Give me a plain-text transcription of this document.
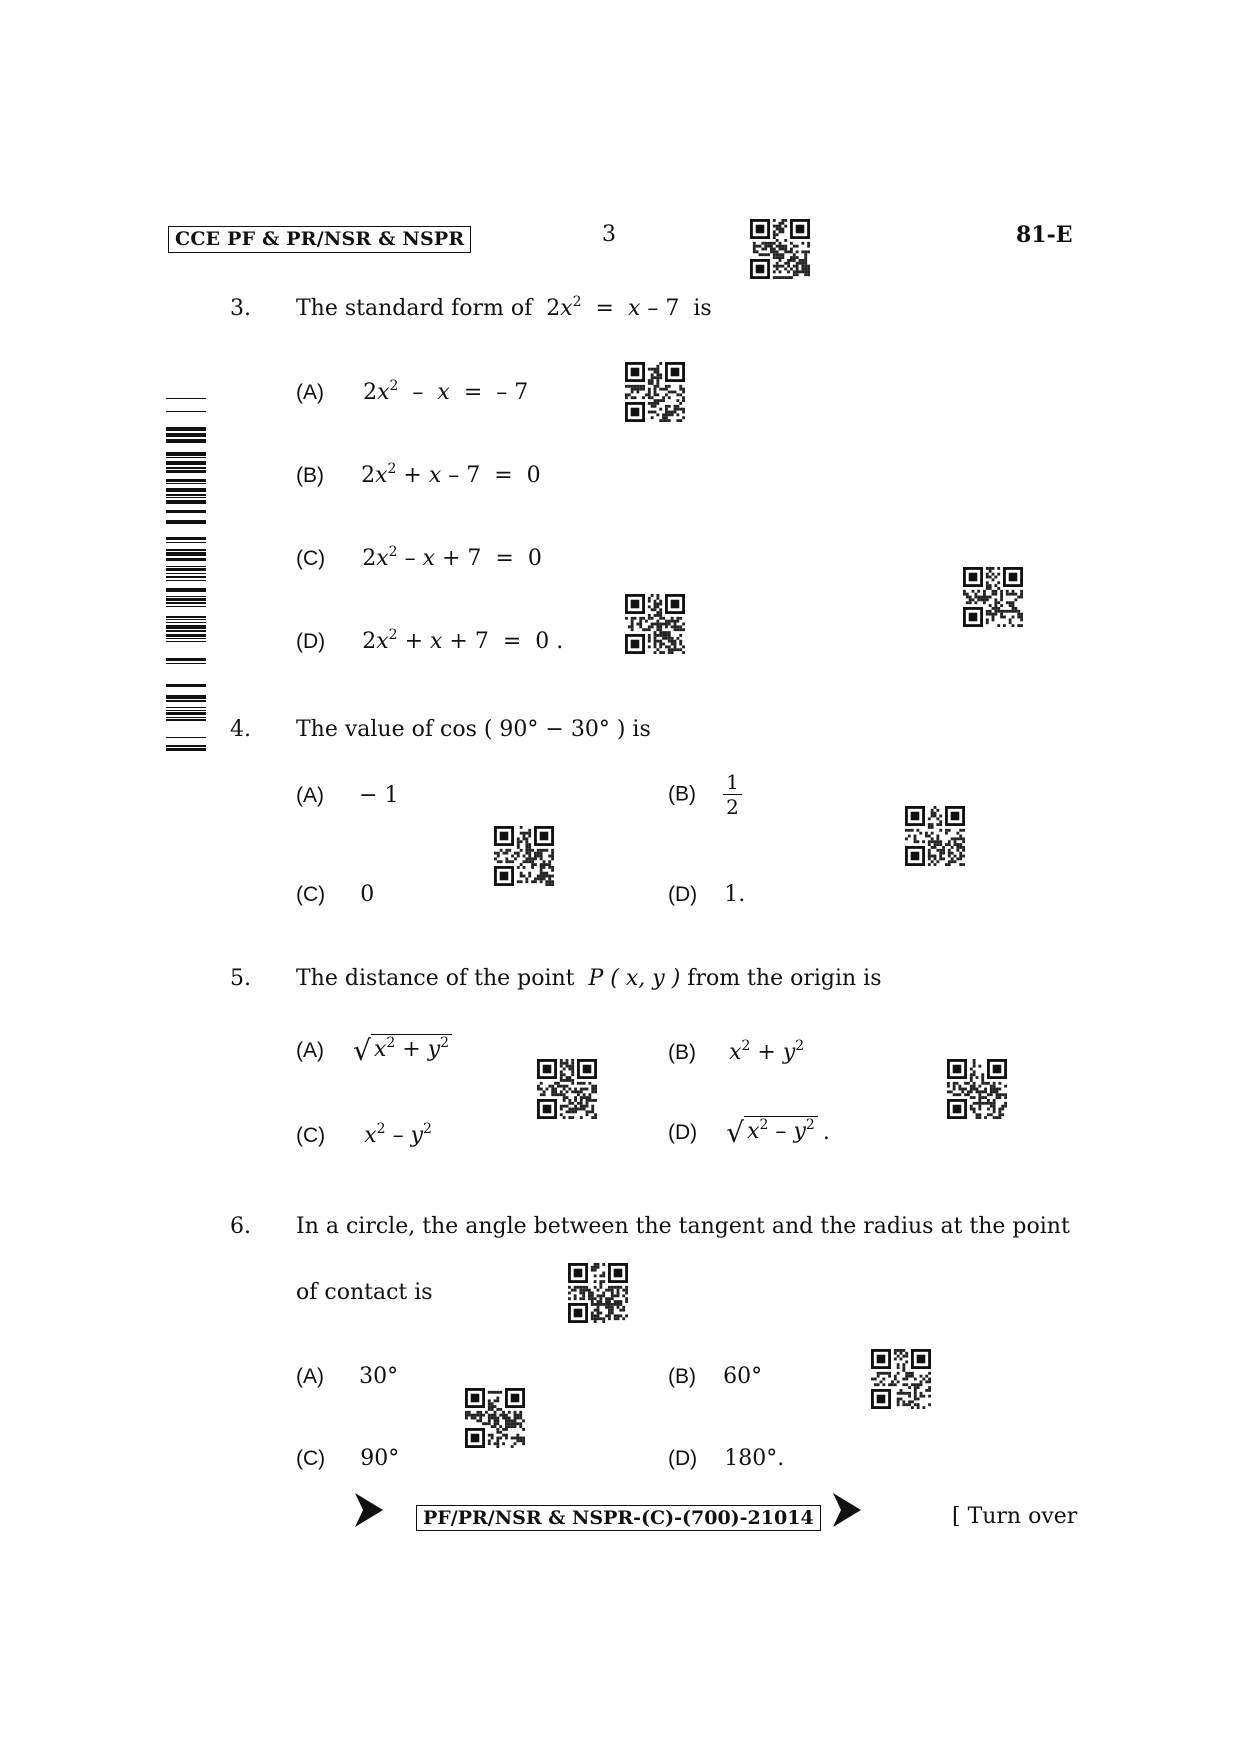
CCE PF & PR/NSR & NSPR	3	81-E
3. The standard form of $2x^2 = x - 7$ is
(A) $2x^2$  –  x  =  – 7
(B) $2x^2 + x - 7 = 0$
(C) $2x^2 - x + 7 = 0$
(D) $2x^2 + x + 7 = 0$ .
4. The value of cos ( 90° − 30° ) is
(A) − 1	$(B) \frac{1}{2}$
(C) 0	(D) 1.
5. The distance of the point P ( x, y ) from the origin is
(A) √ $x^2 + y^2$	(B) $x^2 + y^2$
(C) $x^2 - y^2$	(D) √ $x^2 - y^2$ .
6. In a circle, the angle between the tangent and the radius at the point
of contact is
(A) 30°	(B) 60°
(C) 90°	(D) 180°.
PF/PR/NSR & NSPR-(C)-(700)-21014	[ Turn over
